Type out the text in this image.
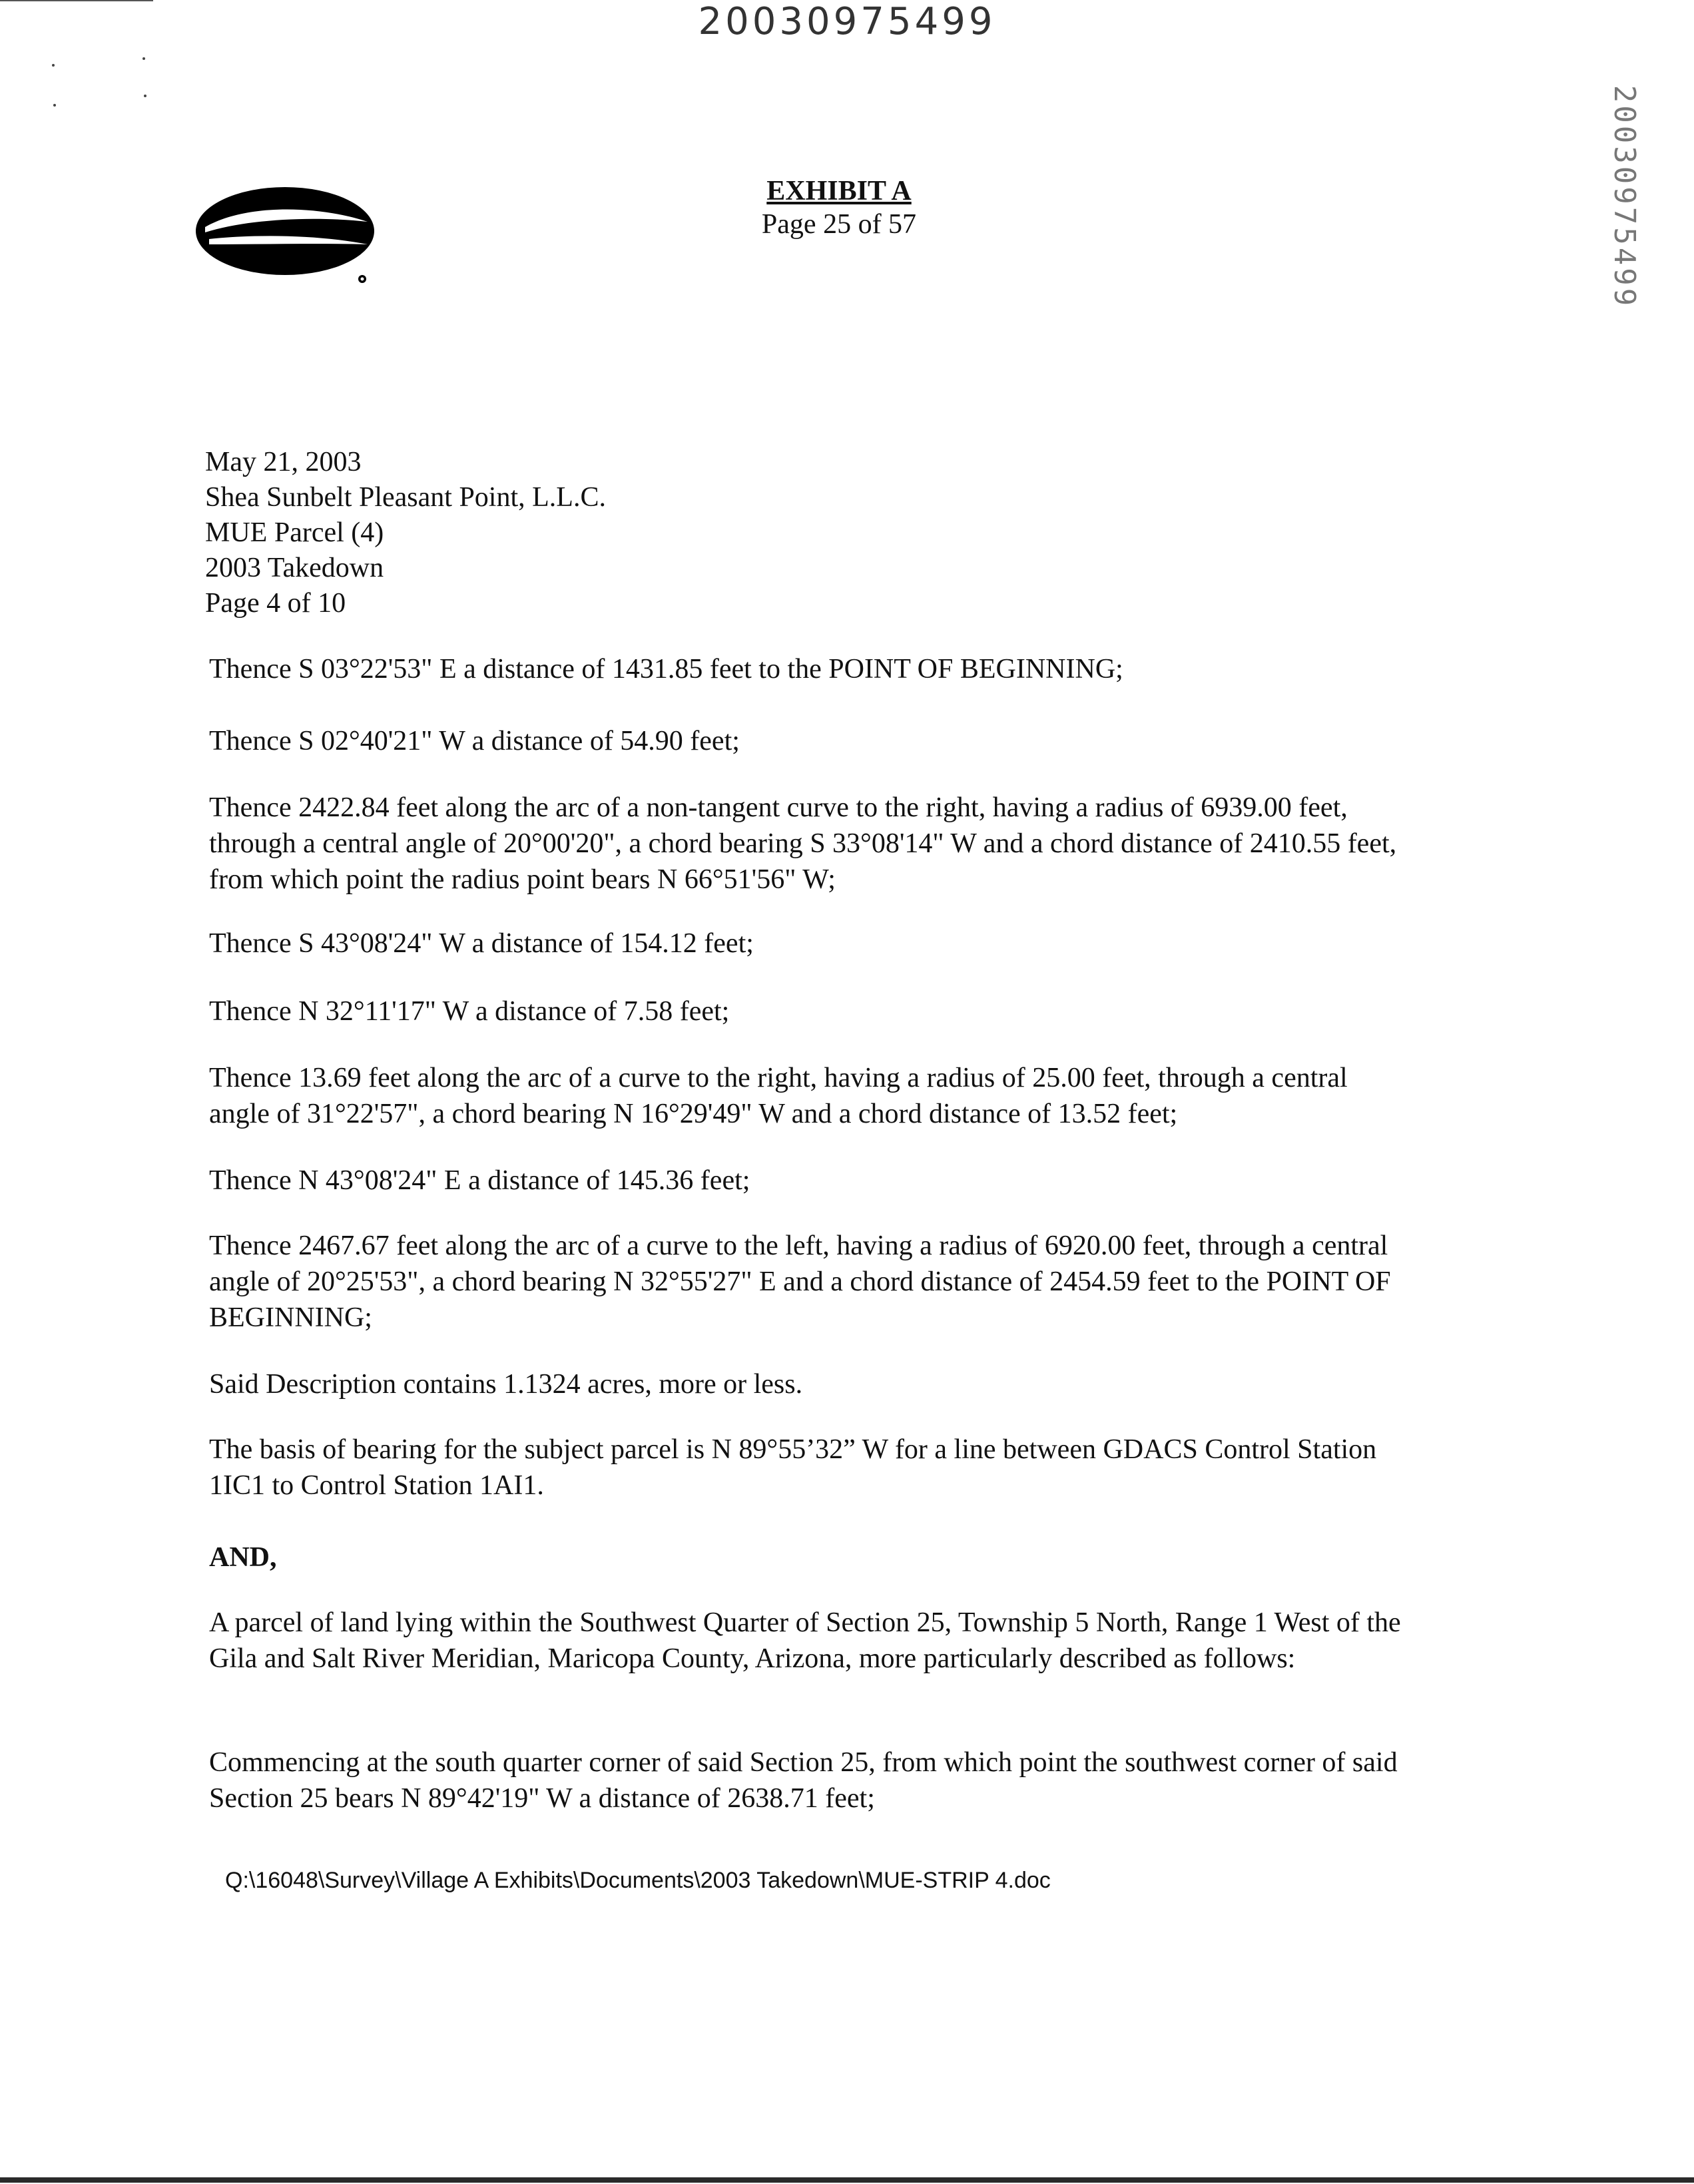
20030975499
20030975499
EXHIBIT A
Page 25 of 57
May 21, 2003
Shea Sunbelt Pleasant Point, L.L.C.
MUE Parcel (4)
2003 Takedown
Page 4 of 10
Thence S 03°22'53" E a distance of 1431.85 feet to the POINT OF BEGINNING;
Thence S 02°40'21" W a distance of 54.90 feet;
Thence 2422.84 feet along the arc of a non-tangent curve to the right, having a radius of 6939.00 feet, through a central angle of 20°00'20", a chord bearing S 33°08'14" W and a chord distance of 2410.55 feet, from which point the radius point bears N 66°51'56" W;
Thence S 43°08'24" W a distance of 154.12 feet;
Thence N 32°11'17" W a distance of 7.58 feet;
Thence 13.69 feet along the arc of a curve to the right, having a radius of 25.00 feet, through a central angle of 31°22'57", a chord bearing N 16°29'49" W and a chord distance of 13.52 feet;
Thence N 43°08'24" E a distance of 145.36 feet;
Thence 2467.67 feet along the arc of a curve to the left, having a radius of 6920.00 feet, through a central angle of 20°25'53", a chord bearing N 32°55'27" E and a chord distance of 2454.59 feet to the POINT OF BEGINNING;
Said Description contains 1.1324 acres, more or less.
The basis of bearing for the subject parcel is N 89°55’32” W for a line between GDACS Control Station 1IC1 to Control Station 1AI1.
AND,
A parcel of land lying within the Southwest Quarter of Section 25, Township 5 North, Range 1 West of the Gila and Salt River Meridian, Maricopa County, Arizona, more particularly described as follows:
Commencing at the south quarter corner of said Section 25, from which point the southwest corner of said Section 25 bears N 89°42'19" W a distance of 2638.71 feet;
Q:\16048\Survey\Village A Exhibits\Documents\2003 Takedown\MUE-STRIP 4.doc
